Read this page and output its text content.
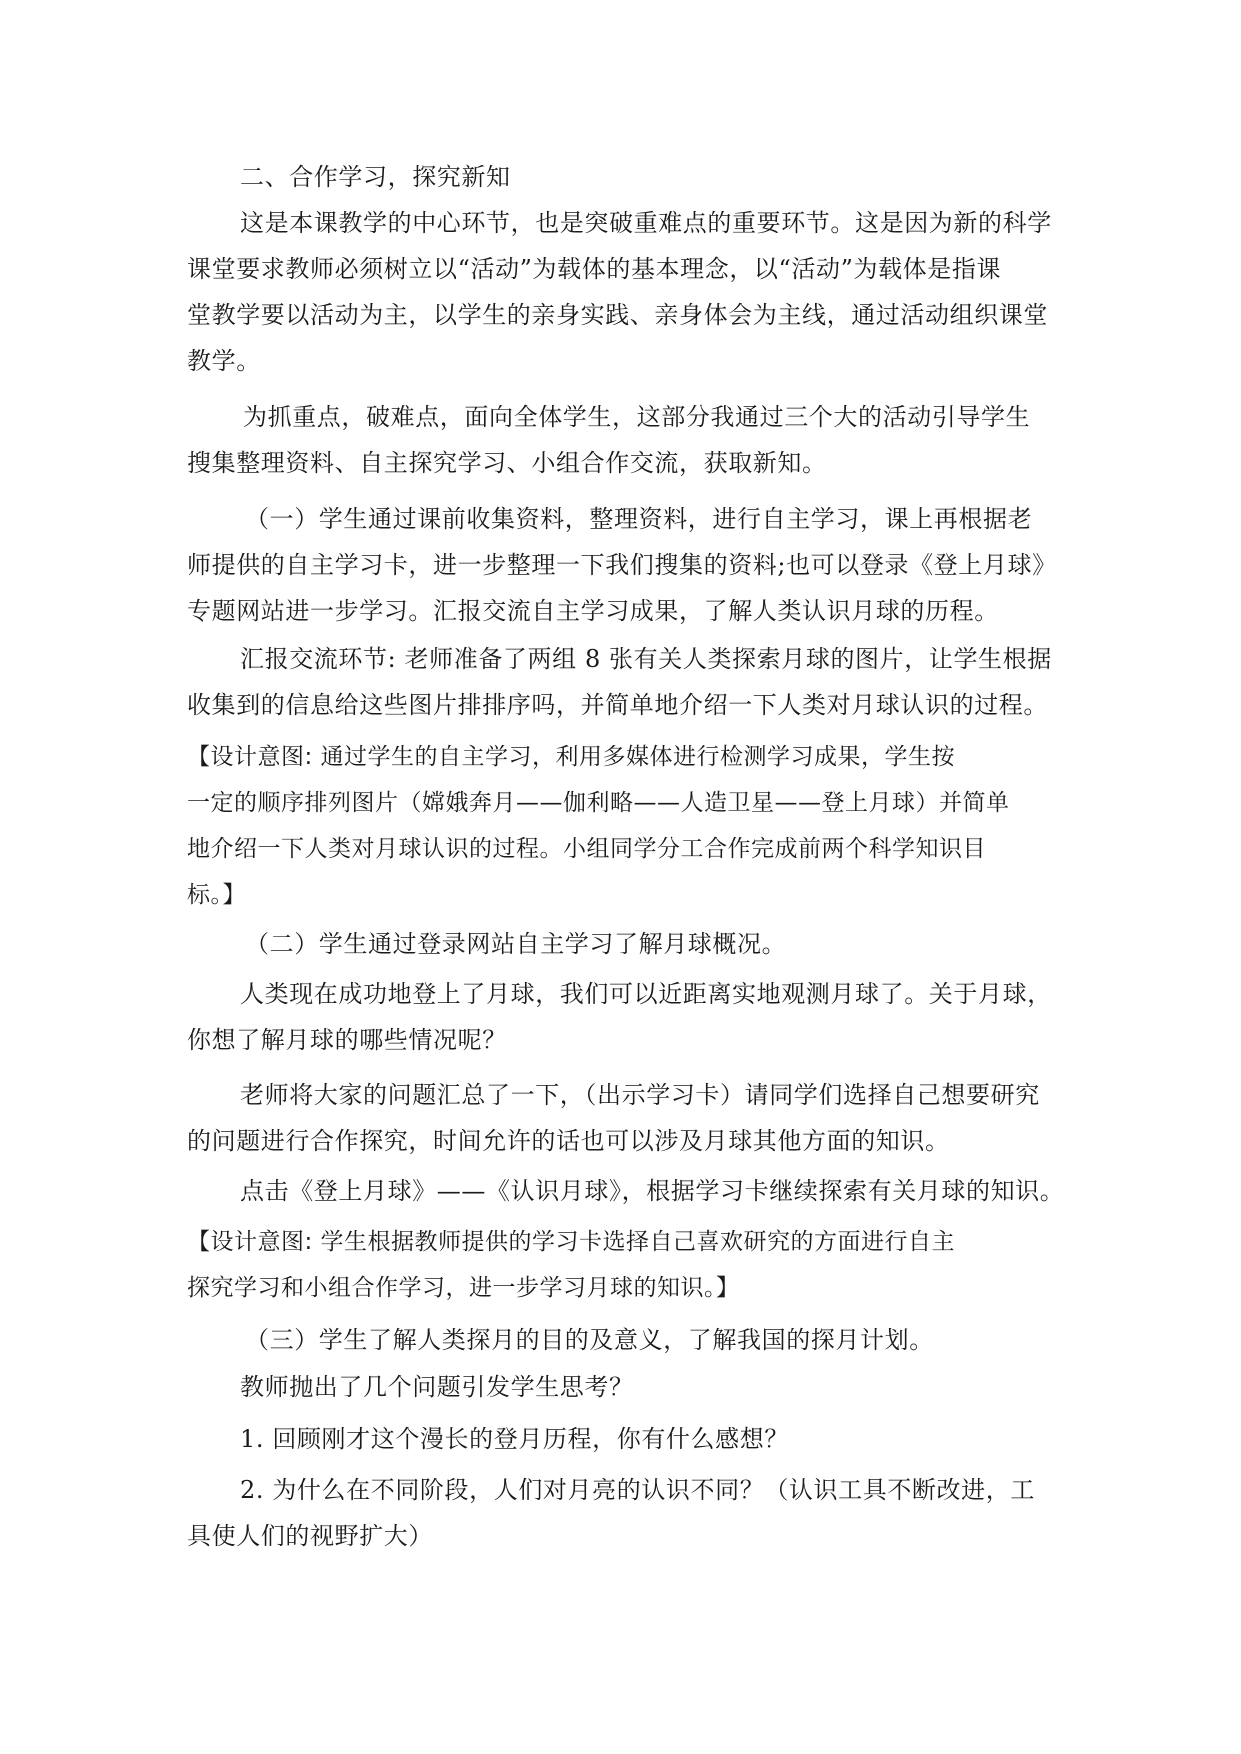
二、合作学习，探究新知

这是本课教学的中心环节，也是突破重难点的重要环节。这是因为新的科学

课堂要求教师必须树立以“活动”为载体的基本理念，以“活动”为载体是指课

堂教学要以活动为主，以学生的亲身实践、亲身体会为主线，通过活动组织课堂

教学。

为抓重点，破难点，面向全体学生，这部分我通过三个大的活动引导学生

搜集整理资料、自主探究学习、小组合作交流，获取新知。

（一）学生通过课前收集资料，整理资料，进行自主学习，课上再根据老

师提供的自主学习卡，进一步整理一下我们搜集的资料;也可以登录《登上月球》

专题网站进一步学习。汇报交流自主学习成果，了解人类认识月球的历程。

汇报交流环节: 老师准备了两组 8 张有关人类探索月球的图片，让学生根据

收集到的信息给这些图片排排序吗，并简单地介绍一下人类对月球认识的过程。

【设计意图: 通过学生的自主学习，利用多媒体进行检测学习成果，学生按

一定的顺序排列图片（嫦娥奔月——伽利略——人造卫星——登上月球）并简单

地介绍一下人类对月球认识的过程。小组同学分工合作完成前两个科学知识目

标。】

（二）学生通过登录网站自主学习了解月球概况。

人类现在成功地登上了月球，我们可以近距离实地观测月球了。关于月球，

你想了解月球的哪些情况呢？

老师将大家的问题汇总了一下，（出示学习卡）请同学们选择自己想要研究

的问题进行合作探究，时间允许的话也可以涉及月球其他方面的知识。

点击《登上月球》——《认识月球》，根据学习卡继续探索有关月球的知识。

【设计意图: 学生根据教师提供的学习卡选择自己喜欢研究的方面进行自主

探究学习和小组合作学习，进一步学习月球的知识。】

（三）学生了解人类探月的目的及意义，了解我国的探月计划。

教师抛出了几个问题引发学生思考？

1. 回顾刚才这个漫长的登月历程，你有什么感想？

2. 为什么在不同阶段，人们对月亮的认识不同？（认识工具不断改进，工

具使人们的视野扩大）
